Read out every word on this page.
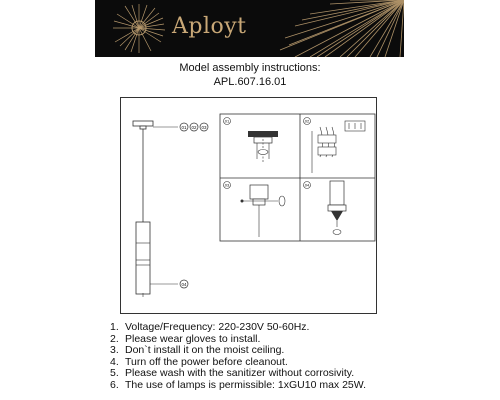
Aployt
Model assembly instructions:
APL.607.16.01
01 02 03
04
01	02
03	04
1. Voltage/Frequency: 220-230V 50-60Hz.
2. Please wear gloves to install.
3. Don`t install it on the moist ceiling.
4. Turn off the power before cleanout.
5. Please wash with the sanitizer without corrosivity.
6. The use of lamps is permissible: 1xGU10 max 25W.
